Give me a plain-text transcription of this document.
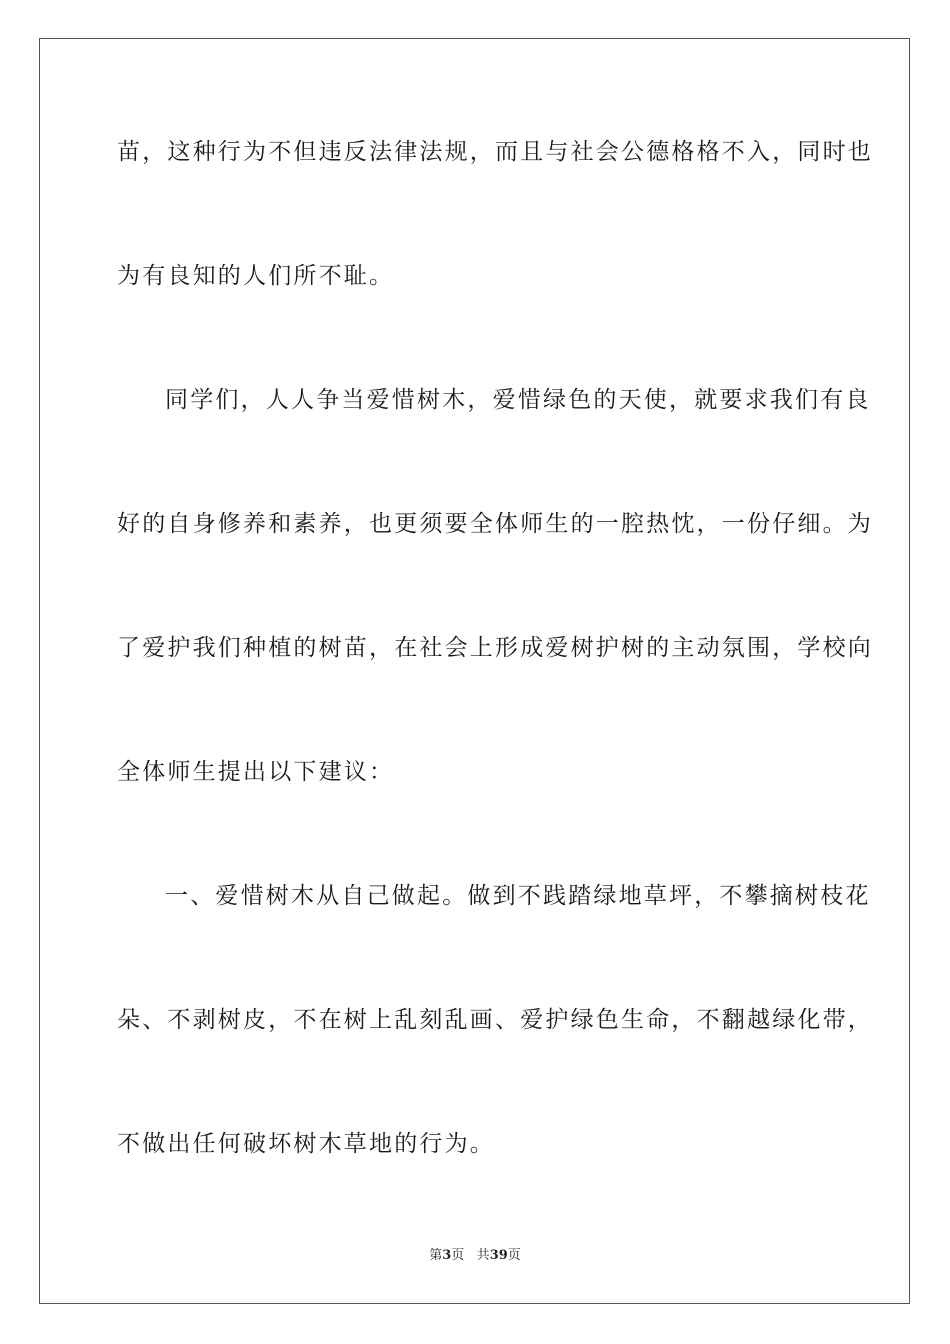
苗，这种行为不但违反法律法规，而且与社会公德格格不入，同时也
为有良知的人们所不耻。
同学们，人人争当爱惜树木，爱惜绿色的天使，就要求我们有良
好的自身修养和素养，也更须要全体师生的一腔热忱，一份仔细。为
了爱护我们种植的树苗，在社会上形成爱树护树的主动氛围，学校向
全体师生提出以下建议：
一、爱惜树木从自己做起。做到不践踏绿地草坪，不攀摘树枝花
朵、不剥树皮，不在树上乱刻乱画、爱护绿色生命，不翻越绿化带，
不做出任何破坏树木草地的行为。
第3页 共39页
